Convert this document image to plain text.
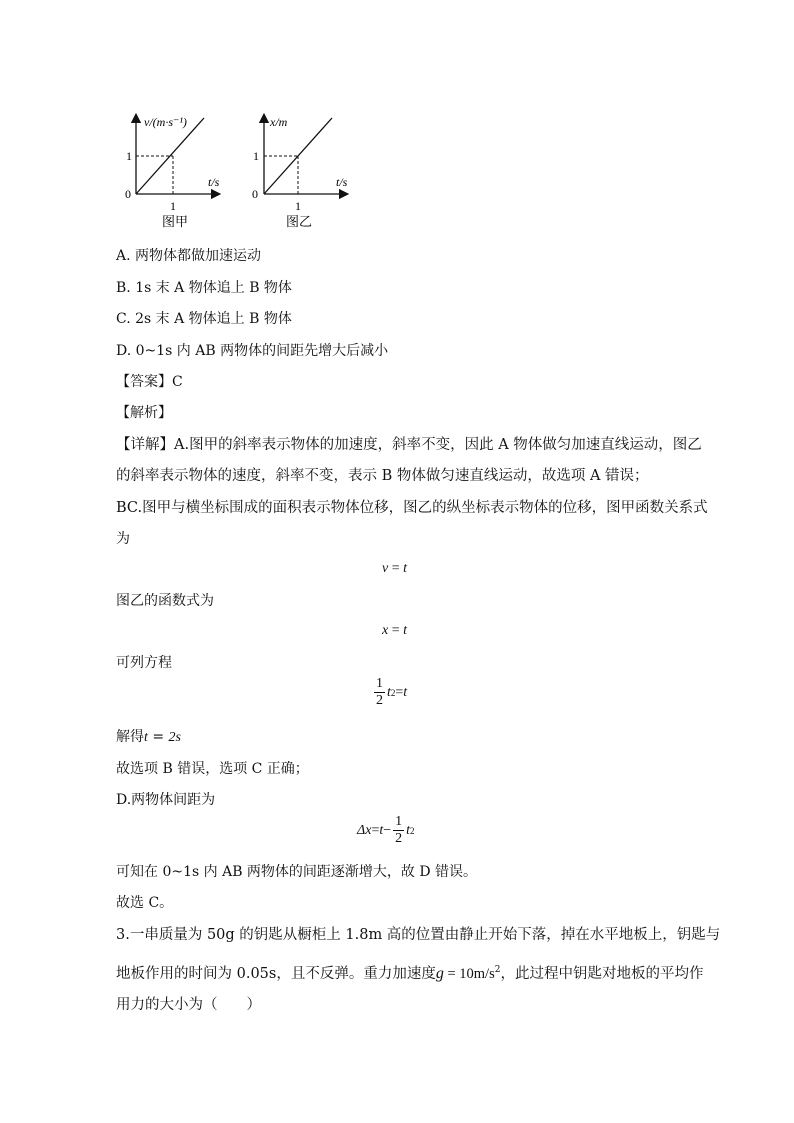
v/(m·s⁻¹)
t/s
0
1
1
图甲
x/m
t/s
0
1
1
图乙
A. 两物体都做加速运动
B. 1s 末 A 物体追上 B 物体
C. 2s 末 A 物体追上 B 物体
D. 0~1s 内 AB 两物体的间距先增大后减小
【答案】C
【解析】
【详解】A.图甲的斜率表示物体的加速度，斜率不变，因此 A 物体做匀加速直线运动，图乙
的斜率表示物体的速度，斜率不变，表示 B 物体做匀速直线运动，故选项 A 错误；
BC.图甲与横坐标围成的面积表示物体位移，图乙的纵坐标表示物体的位移，图甲函数关系式
为
v = t
图乙的函数式为
x = t
可列方程
$\frac{1}{2}$ t 2 = t
解得t = 2s
故选项 B 错误，选项 C 正确；
D.两物体间距为
$\Delta x = t - \frac{1}{2}$ t 2
可知在 0~1s 内 AB 两物体的间距逐渐增大，故 D 错误。
故选 C。
3.一串质量为 50g 的钥匙从橱柜上 1.8m 高的位置由静止开始下落，掉在水平地板上，钥匙与
地板作用的时间为 0.05s，且不反弹。重力加速度$g = 10m/s^2$，此过程中钥匙对地板的平均作
用力的大小为（　　）
